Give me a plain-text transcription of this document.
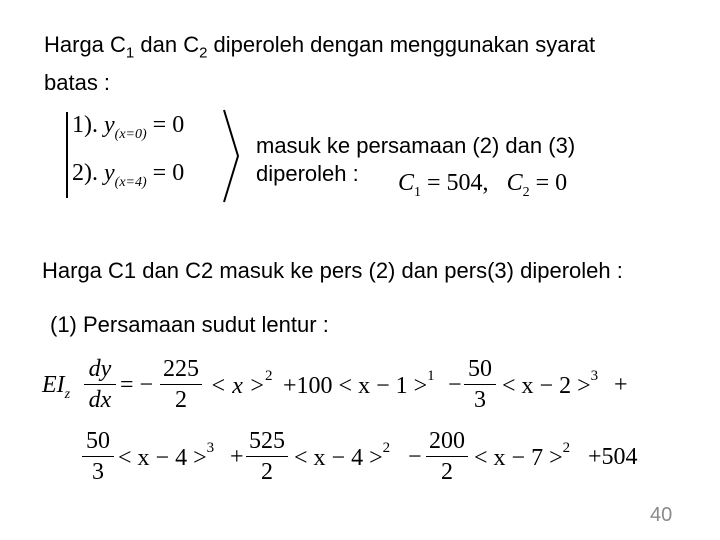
Harga $C_1$ dan $C_2$ diperoleh dengan menggunakan syarat
batas :
1). $y_{(x=0)} = 0$
2). $y_{(x=4)} = 0$
masuk ke persamaan (2) dan (3)
diperoleh :	$C_1 = 504$, $C_2 = 0$
Harga C1 dan C2 masuk ke pers (2) dan pers(3) diperoleh :
(1) Persamaan sudut lentur :
$EI_z$
dy
dx
= −
225
2
< x >$^2$ +100 < x − 1 >$^1$ −
50
3
< x − 2 >$^3$ +
50
3
< x − 4 >$^3$ +
525
2
< x − 4 >$^2$ −
200
2
< x − 7 >$^2$ +504
40
